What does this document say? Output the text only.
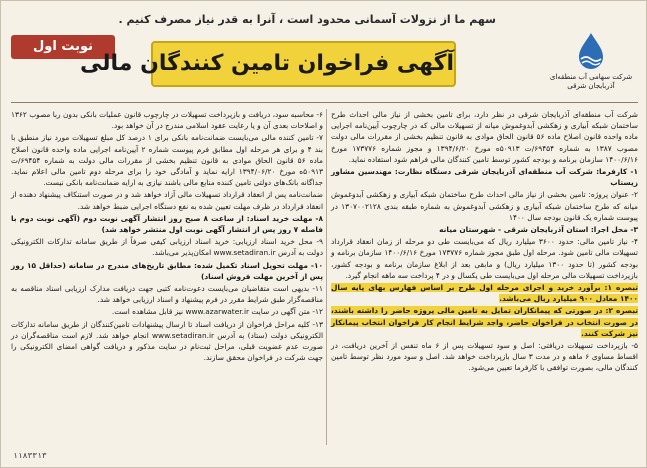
سهم ما از نزولات آسمانی محدود است ، آنرا به قدر نیاز مصرف کنیم .
نوبت اول
آگهی فراخوان تامین کنندگان مالی
شرکت سهامی آب منطقه‌ای آذربایجان شرقی

شرکت آب منطقه‌ای آذربایجان شرقی در نظر دارد، برای تامین بخشی از نیاز مالی احداث طرح ساختمان شبکه آبیاری و زهکشی آبدوغموش میانه از تسهیلات مالی که در چارچوب آیین‌نامه اجرایی ماده واحده قانون اصلاح ماده ۵۶ قانون الحاق موادی به قانون تنظیم بخشی از مقررات مالی دولت مصوب ۱۳۸۷ به شماره ۶۹۴۵۴/ت ۵۰۹۱۳ه مورخ ۱۳۹۴/۶/۲۰ و مجوز شماره ۱۷۳۷۷۶ مورخ ۱۴۰۰/۶/۱۶ سازمان برنامه و بودجه کشور توسط تامین کنندگان مالی فراهم شود استفاده نماید.

۱- کارفرما: شرکت آب منطقه‌ای آذربایجان شرقی دستگاه نظارت: مهندسین مشاور زیستاب

۲- عنوان پروژه: تامین بخشی از نیاز مالی احداث طرح ساختمان شبکه آبیاری و زهکشی آبدوغموش میانه که طرح ساختمان شبکه آبیاری و زهکشی آبدوغموش به شماره طبقه بندی ۱۳۰۷۰۰۲۱۲۸ در پیوست شماره یک قانون بودجه سال ۱۴۰۰

۳- محل اجرا: استان آذربایجان شرقی - شهرستان میانه

۴- نیاز تامین مالی: حدود ۳۶۰۰ میلیارد ریال که می‌بایست طی دو مرحله از زمان انعقاد قرارداد تسهیلات مالی تامین شود. مرحله اول طبق مجوز شماره ۱۷۳۷۷۶ مورخ ۱۴۰۰/۶/۱۶ سازمان برنامه و بودجه کشور (تا حدود ۱۳۰۰ میلیارد ریال) و مابقی بعد از ابلاغ سازمان برنامه و بودجه کشور، بازپرداخت تسهیلات مالی مرحله اول می‌بایست طی یکسال و در ۴ پرداخت سه ماهه انجام گیرد.

تبصره ۱: برآورد خرید و اجرای مرحله اول طرح بر اساس فهارس بهای پایه سال ۱۴۰۰ معادل ۹۰۰ میلیارد ریال می‌باشد.

تبصره ۲: در صورتی که پیمانکاران تمایل به تامین مالی پروژه حاضر را داشته باشند، در صورت انتخاب در فراخوان حاضر، واجد شرایط انجام کار فراخوان انتخاب پیمانکار نیز شرکت کنند.

۵- بازپرداخت تسهیلات دریافتی: اصل و سود تسهیلات پس از ۶ ماه تنفس از آخرین دریافت، در اقساط مساوی ۶ ماهه و در مدت ۳ سال بازپرداخت خواهد شد. اصل و سود مورد نظر توسط تامین کنندگان مالی، بصورت توافقی با کارفرما تعیین می‌شود.

۶- محاسبه سود، دریافت و بازپرداخت تسهیلات در چارچوب قانون عملیات بانکی بدون ربا مصوب ۱۳۶۲ و اصلاحات بعدی آن و یا رعایت عقود اسلامی مندرج در آن خواهد بود.

۷- تامین کننده مالی می‌بایست ضمانت‌نامه بانکی برای ۱ درصد کل مبلغ تسهیلات مورد نیاز منطبق با بند ۴ و برای هر مرحله اول مطابق فرم پیوست شماره ۲ آیین‌نامه اجرایی ماده واحده قانون اصلاح ماده ۵۶ قانون الحاق موادی به قانون تنظیم بخشی از مقررات مالی دولت به شماره ۶۹۴۵۴/ت ۵۰۹۱۳ه مورخ ۱۳۹۴/۰۶/۲۰ ارایه نماید و آمادگی خود را برای مرحله دوم تامین مالی اعلام نماید. جداگانه بانک‌های دولتی تامین کننده منابع مالی باشند نیازی به ارایه ضمانت‌نامه بانکی نیست.

ضمانت‌نامه پس از انعقاد قرارداد تسهیلات مالی آزاد خواهد شد و در صورت استنکاف پیشنهاد دهنده از انعقاد قرارداد در ظرف مهلت تعیین شده به نفع دستگاه اجرایی ضبط خواهد شد.

۸- مهلت خرید اسناد: از ساعت ۸ صبح روز انتشار آگهی نوبت دوم (آگهی نوبت دوم با فاصله ۷ روز پس از انتشار آگهی نوبت اول منتشر خواهد شد)

۹- محل خرید اسناد ارزیابی: خرید اسناد ارزیابی کیفی صرفاً از طریق سامانه تدارکات الکترونیکی دولت به آدرس www.setadiran.ir امکان‌پذیر می‌باشد.

۱۰- مهلت تحویل اسناد تکمیل شده: مطابق تاریخ‌های مندرج در سامانه (حداقل ۱۵ روز پس از آخرین مهلت فروش اسناد)

۱۱- بدیهی است متقاضیان می‌بایست دعوت‌نامه کتبی جهت دریافت مدارک ارزیابی اسناد مناقصه به مناقصه‌گزار طبق شرایط مقرر در فرم پیشنهاد و اسناد ارزیابی خواهد شد.

۱۲- متن آگهی در سایت www.azarwater.ir نیز قابل مشاهده است.

۱۳- کلیه مراحل فراخوان از دریافت اسناد تا ارسال پیشنهادات تامین‌کنندگان از طریق سامانه تدارکات الکترونیکی دولت (ستاد) به آدرس www.setadiran.ir انجام خواهد شد. لازم است مناقصه‌گران در صورت عدم عضویت قبلی، مراحل ثبت‌نام در سایت مذکور و دریافت گواهی امضای الکترونیکی را جهت شرکت در فراخوان محقق سازند.

۱۱۸۳۳۱۳
